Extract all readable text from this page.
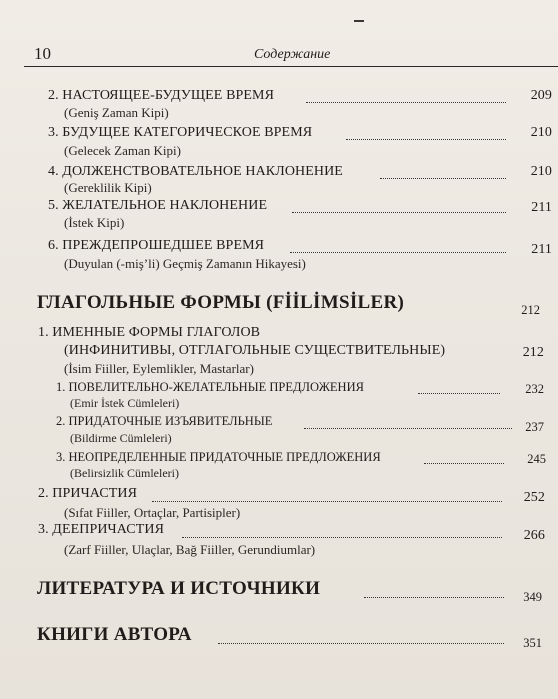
10	Содержание
2. НАСТОЯЩЕЕ-БУДУЩЕЕ ВРЕМЯ	209
(Geniş Zaman Kipi)
3. БУДУЩЕЕ КАТЕГОРИЧЕСКОЕ ВРЕМЯ	210
(Gelecek Zaman Kipi)
4. ДОЛЖЕНСТВОВАТЕЛЬНОЕ НАКЛОНЕНИЕ	210
(Gereklilik Kipi)
5. ЖЕЛАТЕЛЬНОЕ НАКЛОНЕНИЕ	211
(İstek Kipi)
6. ПРЕЖДЕПРОШЕДШЕЕ ВРЕМЯ	211
(Duyulan (-miş’li) Geçmiş Zamanın Hikayesi)
ГЛАГОЛЬНЫЕ ФОРМЫ (FİİLİMSİLER)	212
1. ИМЕННЫЕ ФОРМЫ ГЛАГОЛОВ
(ИНФИНИТИВЫ, ОТГЛАГОЛЬНЫЕ СУЩЕСТВИТЕЛЬНЫЕ)	212
(İsim Fiiller, Eylemlikler, Mastarlar)
1. ПОВЕЛИТЕЛЬНО-ЖЕЛАТЕЛЬНЫЕ ПРЕДЛОЖЕНИЯ	232
(Emir İstek Cümleleri)
2. ПРИДАТОЧНЫЕ ИЗЪЯВИТЕЛЬНЫЕ	237
(Bildirme Cümleleri)
3. НЕОПРЕДЕЛЕННЫЕ ПРИДАТОЧНЫЕ ПРЕДЛОЖЕНИЯ	245
(Belirsizlik Cümleleri)
2. ПРИЧАСТИЯ	252
(Sıfat Fiiller, Ortaçlar, Partisipler)
3. ДЕЕПРИЧАСТИЯ	266
(Zarf Fiiller, Ulaçlar, Bağ Fiiller, Gerundiumlar)
ЛИТЕРАТУРА И ИСТОЧНИКИ	349
КНИГИ АВТОРА	351
